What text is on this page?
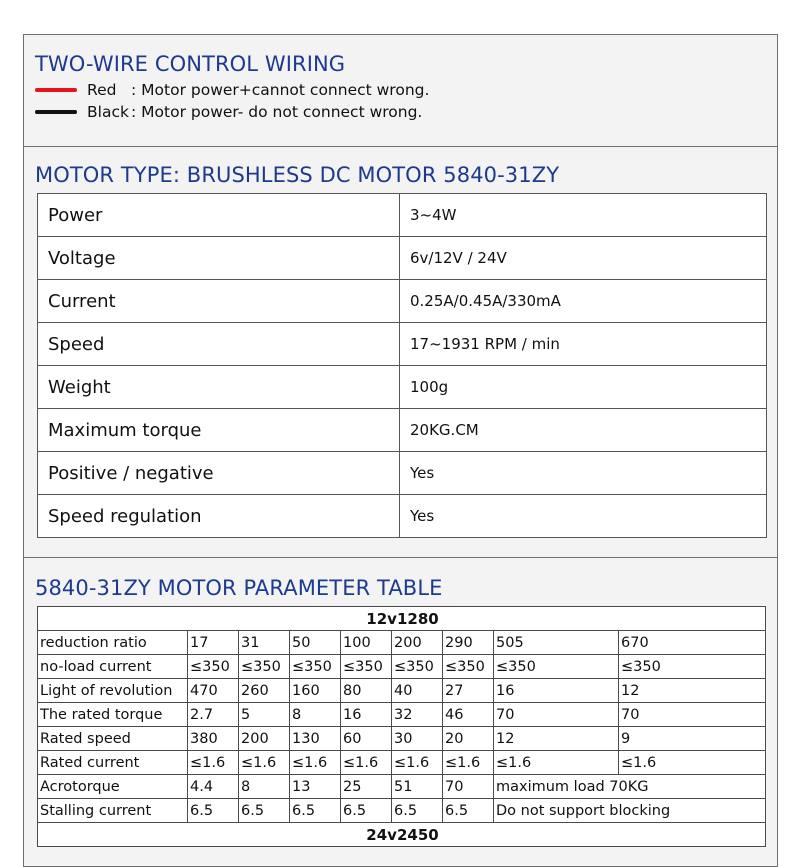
TWO-WIRE CONTROL WIRING
Red : Motor power+cannot connect wrong.
Black : Motor power- do not connect wrong.
MOTOR TYPE: BRUSHLESS DC MOTOR 5840-31ZY
Power	3~4W
Voltage	6v/12V / 24V
Current	0.25A/0.45A/330mA
Speed	17~1931 RPM / min
Weight	100g
Maximum torque	20KG.CM
Positive / negative	Yes
Speed regulation	Yes
5840-31ZY MOTOR PARAMETER TABLE
12v1280								
reduction ratio	17	31	50	100	200	290	505	670
no-load current	≤350	≤350	≤350	≤350	≤350	≤350	≤350	≤350
Light of revolution	470	260	160	80	40	27	16	12
The rated torque	2.7	5	8	16	32	46	70	70
Rated speed	380	200	130	60	30	20	12	9
Rated current	≤1.6	≤1.6	≤1.6	≤1.6	≤1.6	≤1.6	≤1.6	≤1.6
Acrotorque	4.4	8	13	25	51	70	maximum load 70KG	
Stalling current	6.5	6.5	6.5	6.5	6.5	6.5	Do not support blocking	
24v2450								
